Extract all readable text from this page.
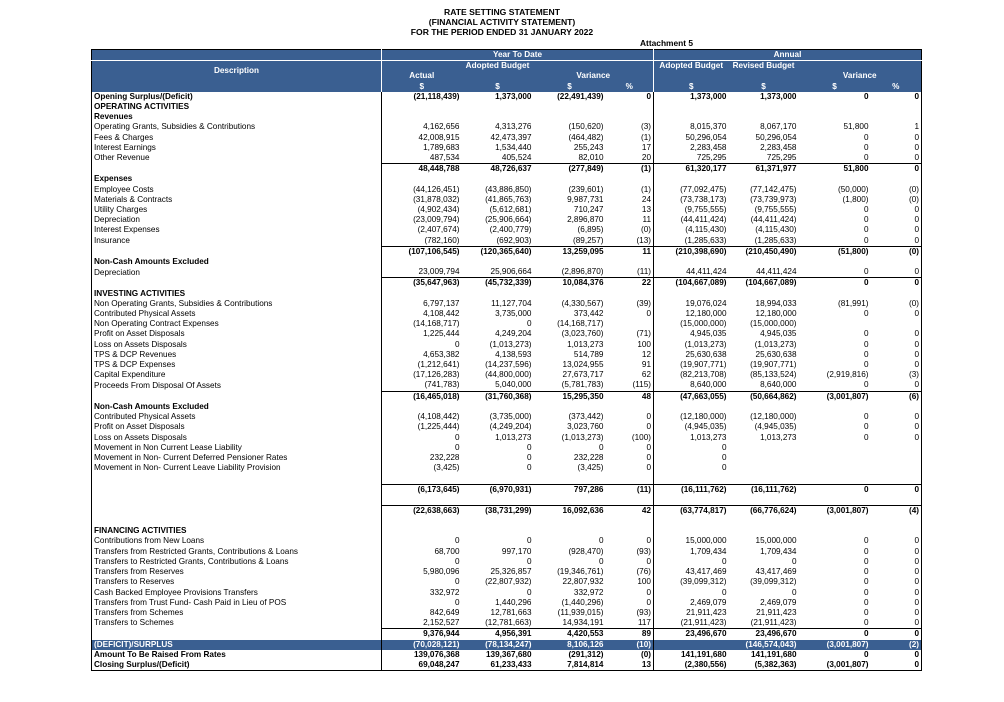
RATE SETTING STATEMENT
(FINANCIAL ACTIVITY STATEMENT)
FOR THE PERIOD ENDED 31 JANUARY 2022
Attachment 5
	Year To Date				Annual			
Description	Actual	Adopted Budget	Variance		Adopted Budget	Revised Budget	Variance	

	$	$	$	%	$	$	$	%
Opening Surplus/(Deficit)	(21,118,439)	1,373,000	(22,491,439)	0	1,373,000	1,373,000	0	0
OPERATING ACTIVITIES								
Revenues								
Operating Grants, Subsidies & Contributions	4,162,656	4,313,276	(150,620)	(3)	8,015,370	8,067,170	51,800	1
Fees & Charges	42,008,915	42,473,397	(464,482)	(1)	50,296,054	50,296,054	0	0
Interest Earnings	1,789,683	1,534,440	255,243	17	2,283,458	2,283,458	0	0
Other Revenue	487,534	405,524	82,010	20	725,295	725,295	0	0
	48,448,788	48,726,637	(277,849)	(1)	61,320,177	61,371,977	51,800	0
Expenses								
Employee Costs	(44,126,451)	(43,886,850)	(239,601)	(1)	(77,092,475)	(77,142,475)	(50,000)	(0)
Materials & Contracts	(31,878,032)	(41,865,763)	9,987,731	24	(73,738,173)	(73,739,973)	(1,800)	(0)
Utility Charges	(4,902,434)	(5,612,681)	710,247	13	(9,755,555)	(9,755,555)	0	0
Depreciation	(23,009,794)	(25,906,664)	2,896,870	11	(44,411,424)	(44,411,424)	0	0
Interest Expenses	(2,407,674)	(2,400,779)	(6,895)	(0)	(4,115,430)	(4,115,430)	0	0
Insurance	(782,160)	(692,903)	(89,257)	(13)	(1,285,633)	(1,285,633)	0	0
	(107,106,545)	(120,365,640)	13,259,095	11	(210,398,690)	(210,450,490)	(51,800)	(0)
Non-Cash Amounts Excluded								
Depreciation	23,009,794	25,906,664	(2,896,870)	(11)	44,411,424	44,411,424	0	0
	(35,647,963)	(45,732,339)	10,084,376	22	(104,667,089)	(104,667,089)	0	0
INVESTING ACTIVITIES								
Non Operating Grants, Subsidies & Contributions	6,797,137	11,127,704	(4,330,567)	(39)	19,076,024	18,994,033	(81,991)	(0)
Contributed Physical Assets	4,108,442	3,735,000	373,442	0	12,180,000	12,180,000	0	0
Non Operating Contract Expenses	(14,168,717)	0	(14,168,717)		(15,000,000)	(15,000,000)		
Profit on Asset Disposals	1,225,444	4,249,204	(3,023,760)	(71)	4,945,035	4,945,035	0	0
Loss on Assets Disposals	0	(1,013,273)	1,013,273	100	(1,013,273)	(1,013,273)	0	0
TPS & DCP Revenues	4,653,382	4,138,593	514,789	12	25,630,638	25,630,638	0	0
TPS & DCP Expenses	(1,212,641)	(14,237,596)	13,024,955	91	(19,907,771)	(19,907,771)	0	0
Capital Expenditure	(17,126,283)	(44,800,000)	27,673,717	62	(82,213,708)	(85,133,524)	(2,919,816)	(3)
Proceeds From Disposal Of Assets	(741,783)	5,040,000	(5,781,783)	(115)	8,640,000	8,640,000	0	0
	(16,465,018)	(31,760,368)	15,295,350	48	(47,663,055)	(50,664,862)	(3,001,807)	(6)
Non-Cash Amounts Excluded								
Contributed Physical Assets	(4,108,442)	(3,735,000)	(373,442)	0	(12,180,000)	(12,180,000)	0	0
Profit on Asset Disposals	(1,225,444)	(4,249,204)	3,023,760	0	(4,945,035)	(4,945,035)	0	0
Loss on Assets Disposals	0	1,013,273	(1,013,273)	(100)	1,013,273	1,013,273	0	0
Movement in Non Current Lease Liability	0	0	0	0	0			
Movement in Non- Current Deferred Pensioner Rates	232,228	0	232,228	0	0			
Movement in Non- Current Leave Liability Provision	(3,425)	0	(3,425)	0	0			

	(6,173,645)	(6,970,931)	797,286	(11)	(16,111,762)	(16,111,762)	0	0

	(22,638,663)	(38,731,299)	16,092,636	42	(63,774,817)	(66,776,624)	(3,001,807)	(4)

FINANCING ACTIVITIES								
Contributions from New Loans	0	0	0	0	15,000,000	15,000,000	0	0
Transfers from Restricted Grants, Contributions & Loans	68,700	997,170	(928,470)	(93)	1,709,434	1,709,434	0	0
Transfers to Restricted Grants, Contributions & Loans	0	0	0	0	0	0	0	0
Transfers from Reserves	5,980,096	25,326,857	(19,346,761)	(76)	43,417,469	43,417,469	0	0
Transfers to Reserves	0	(22,807,932)	22,807,932	100	(39,099,312)	(39,099,312)	0	0
Cash Backed Employee Provisions Transfers	332,972	0	332,972	0	0	0	0	0
Transfers from Trust Fund- Cash Paid in Lieu of POS	0	1,440,296	(1,440,296)	0	2,469,079	2,469,079	0	0
Transfers from Schemes	842,649	12,781,663	(11,939,015)	(93)	21,911,423	21,911,423	0	0
Transfers to Schemes	2,152,527	(12,781,663)	14,934,191	117	(21,911,423)	(21,911,423)	0	0
	9,376,944	4,956,391	4,420,553	89	23,496,670	23,496,670	0	0
(DEFICIT)/SURPLUS	(70,028,121)	(78,134,247)	8,106,126	(10)		(146,574,043)	(3,001,807)	(2)
Amount To Be Raised From Rates	139,076,368	139,367,680	(291,312)	(0)	141,191,680	141,191,680	0	0
Closing Surplus/(Deficit)	69,048,247	61,233,433	7,814,814	13	(2,380,556)	(5,382,363)	(3,001,807)	0
